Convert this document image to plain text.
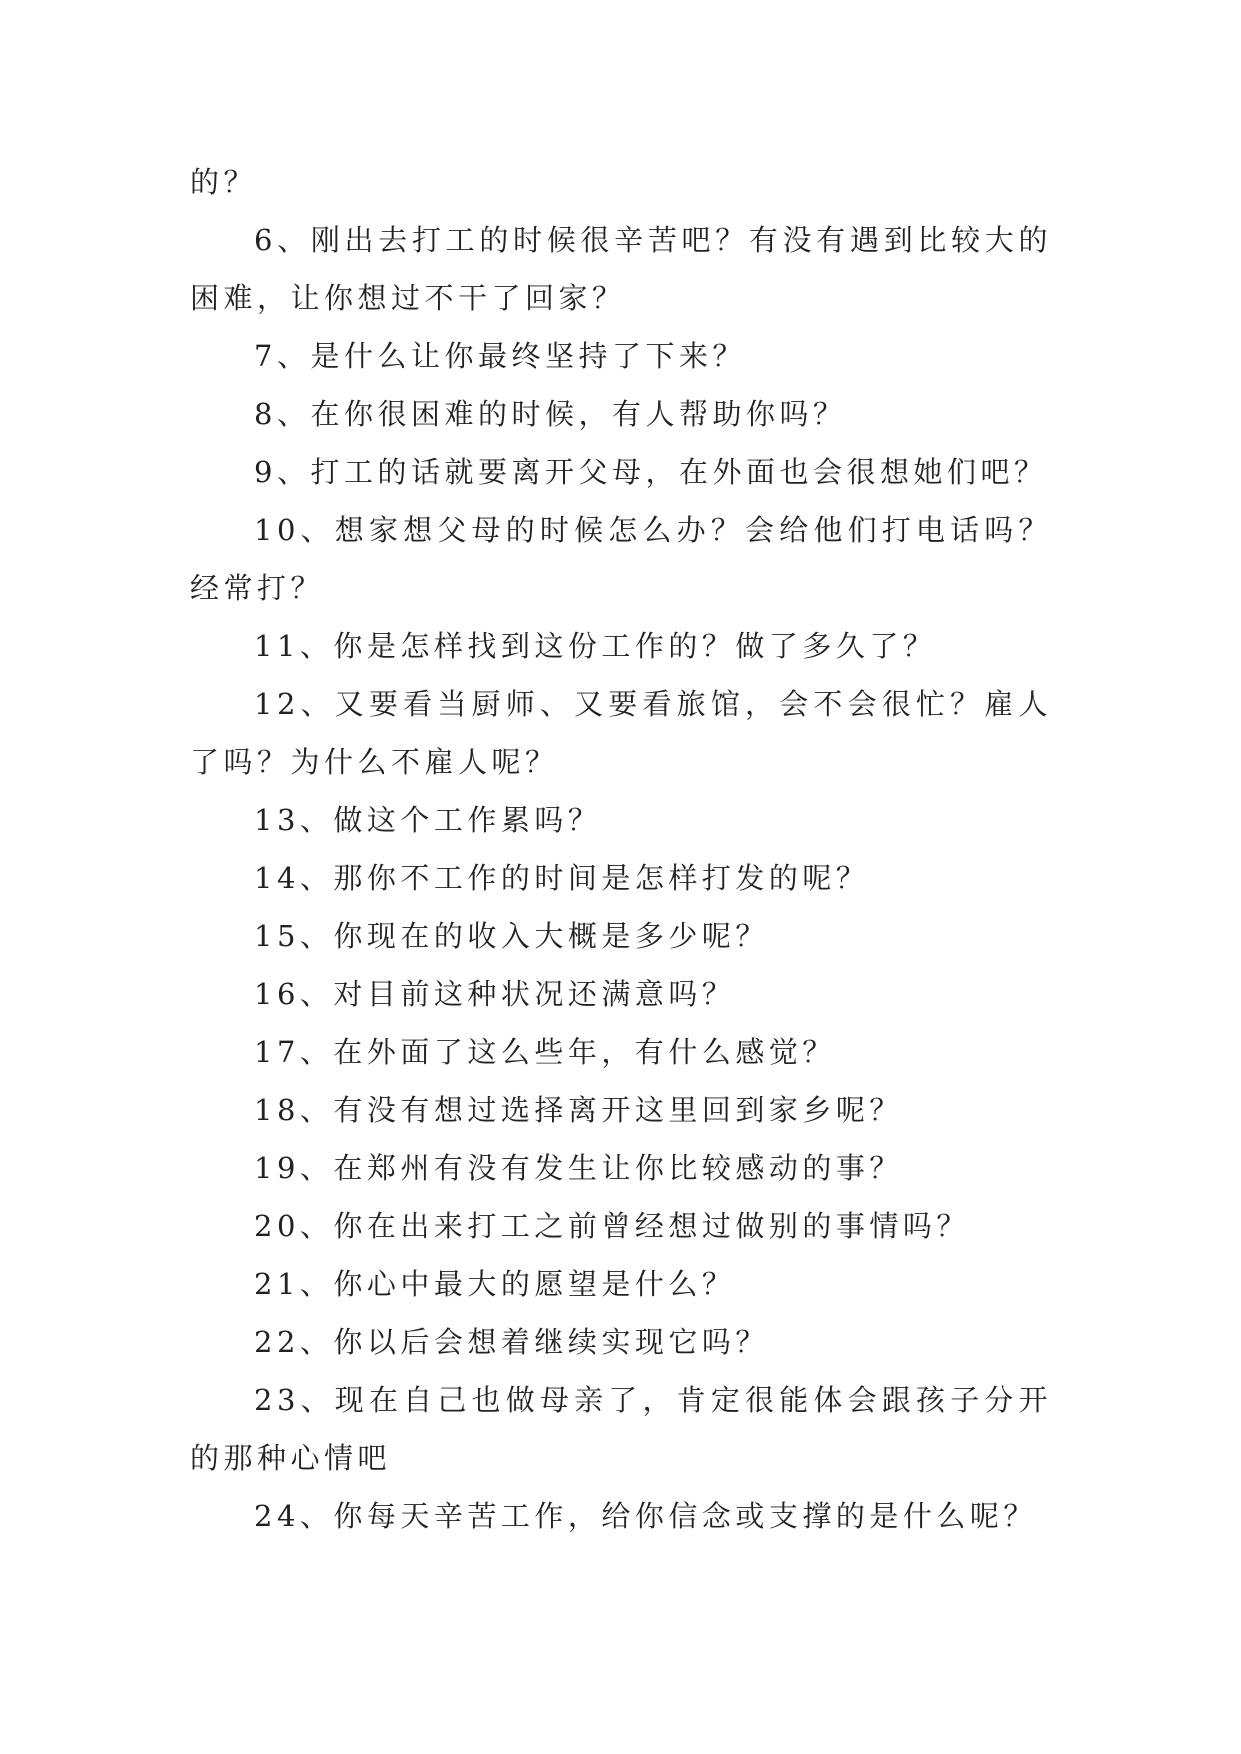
的？

6、刚出去打工的时候很辛苦吧？有没有遇到比较大的困难，让你想过不干了回家？

7、是什么让你最终坚持了下来？

8、在你很困难的时候，有人帮助你吗？

9、打工的话就要离开父母，在外面也会很想她们吧？

10、想家想父母的时候怎么办？会给他们打电话吗？经常打？

11、你是怎样找到这份工作的？做了多久了？

12、又要看当厨师、又要看旅馆，会不会很忙？雇人了吗？为什么不雇人呢？

13、做这个工作累吗？

14、那你不工作的时间是怎样打发的呢？

15、你现在的收入大概是多少呢？

16、对目前这种状况还满意吗？

17、在外面了这么些年，有什么感觉？

18、有没有想过选择离开这里回到家乡呢？

19、在郑州有没有发生让你比较感动的事？

20、你在出来打工之前曾经想过做别的事情吗？

21、你心中最大的愿望是什么？

22、你以后会想着继续实现它吗？

23、现在自己也做母亲了，肯定很能体会跟孩子分开的那种心情吧

24、你每天辛苦工作，给你信念或支撑的是什么呢？
